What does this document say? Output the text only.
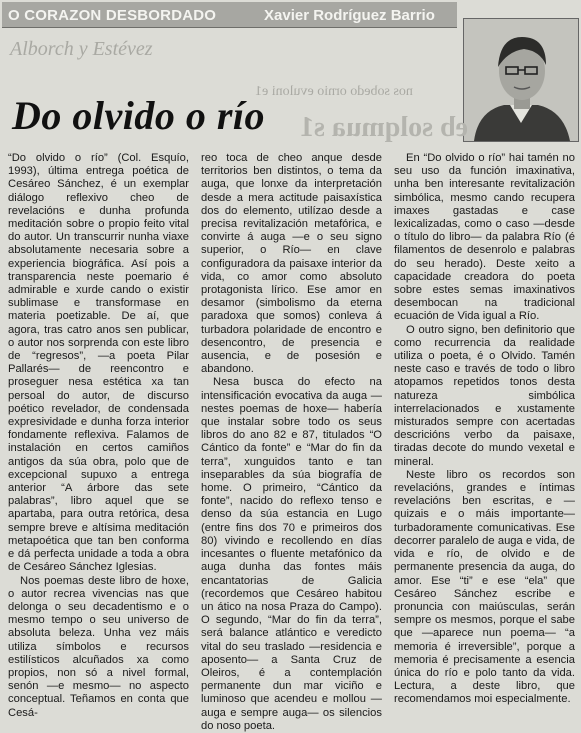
O CORAZON DESBORDADO	Xavier Rodríguez Barrio
Alborch y Estévez
nos sobedo ornio evuloni e1
eb solqmua s1
Do olvido o río

“Do olvido o río” (Col. Esquío, 1993), última entrega poética de Cesáreo Sánchez, é un exemplar diálogo reflexivo cheo de revelacións e dunha profunda meditación sobre o propio feito vital do autor. Un transcurrir nunha viaxe absolutamente necesaria sobre a experiencia biográfica. Así pois a transparencia neste poemario é admirable e xurde cando o existir sublimase e transformase en materia poetizable. De aí, que agora, tras catro anos sen publicar, o autor nos sorprenda con este libro de “regresos”, —a poeta Pilar Pallarés— de reencontro e proseguer nesa estética xa tan persoal do autor, de discurso poético revelador, de condensada expresividade e dunha forza interior fondamente reflexiva. Falamos de instalación en certos camiños antigos da súa obra, polo que de excepcional supuxo a entrega anterior “A árbore das sete palabras”, libro aquel que se apartaba, para outra retórica, desa sempre breve e altísima meditación metapoética que tan ben conforma e dá perfecta unidade a toda a obra de Cesáreo Sánchez Iglesias.

Nos poemas deste libro de hoxe, o autor recrea vivencias nas que delonga o seu decadentismo e o mesmo tempo o seu universo de absoluta beleza. Unha vez máis utiliza símbolos e recursos estilísticos alcuñados xa como propios, non só a nivel formal, senón —e mesmo— no aspecto conceptual. Teñamos en conta que Cesá-

reo toca de cheo anque desde territorios ben distintos, o tema da auga, que lonxe da interpretación desde a mera actitude paisaxística dos do elemento, utilízao desde a precisa revitalización metafórica, e convirte á auga —e o seu signo superior, o Río— en clave configuradora da paisaxe interior da vida, co amor como absoluto protagonista lírico. Ese amor en desamor (simbolismo da eterna paradoxa que somos) conleva á turbadora polaridade de encontro e desencontro, de presencia e ausencia, e de posesión e abandono.

Nesa busca do efecto na intensificación evocativa da auga —nestes poemas de hoxe— habería que instalar sobre todo os seus libros do ano 82 e 87, titulados “O Cántico da fonte” e “Mar do fin da terra”, xunguidos tanto e tan inseparables da súa biografía de home. O primeiro, “Cántico da fonte”, nacido do reflexo tenso e denso da súa estancia en Lugo (entre fins dos 70 e primeiros dos 80) vivindo e recollendo en días incesantes o fluente metafónico da auga dunha das fontes máis encantatorias de Galicia (recordemos que Cesáreo habitou un ático na nosa Praza do Campo). O segundo, “Mar do fin da terra”, será balance atlántico e veredicto vital do seu traslado —residencia e aposento— a Santa Cruz de Oleiros, é a contemplación permanente dun mar viciño e luminoso que acendeu e mollou —auga e sempre auga— os silencios do noso poeta.

En “Do olvido o río” hai tamén no seu uso da función imaxinativa, unha ben interesante revitalización simbólica, mesmo cando recupera imaxes gastadas e case lexicalizadas, como o caso —desde o título do libro— da palabra Río (é filamentos de desenrolo e palabras do seu herado). Deste xeito a capacidade creadora do poeta sobre estes semas imaxinativos desembocan na tradicional ecuación de Vida igual a Río.

O outro signo, ben definitorio que como recurrencia da realidade utiliza o poeta, é o Olvido. Tamén neste caso e través de todo o libro atopamos repetidos tonos desta natureza simbólica interrelacionados e xustamente misturados sempre con acertadas descricións verbo da paisaxe, tiradas decote do mundo vexetal e mineral.

Neste libro os recordos son revelacións, grandes e íntimas revelacións ben escritas, e —quizais e o máis importante— turbadoramente comunicativas. Ese decorrer paralelo de auga e vida, de vida e río, de olvido e de permanente presencia da auga, do amor. Ese “ti” e ese “ela” que Cesáreo Sánchez escribe e pronuncia con maiúsculas, serán sempre os mesmos, porque el sabe que —aparece nun poema— “a memoria é irreversible”, porque a memoria é precisamente a esencia única do río e polo tanto da vida. Lectura, a deste libro, que recomendamos moi especialmente.
